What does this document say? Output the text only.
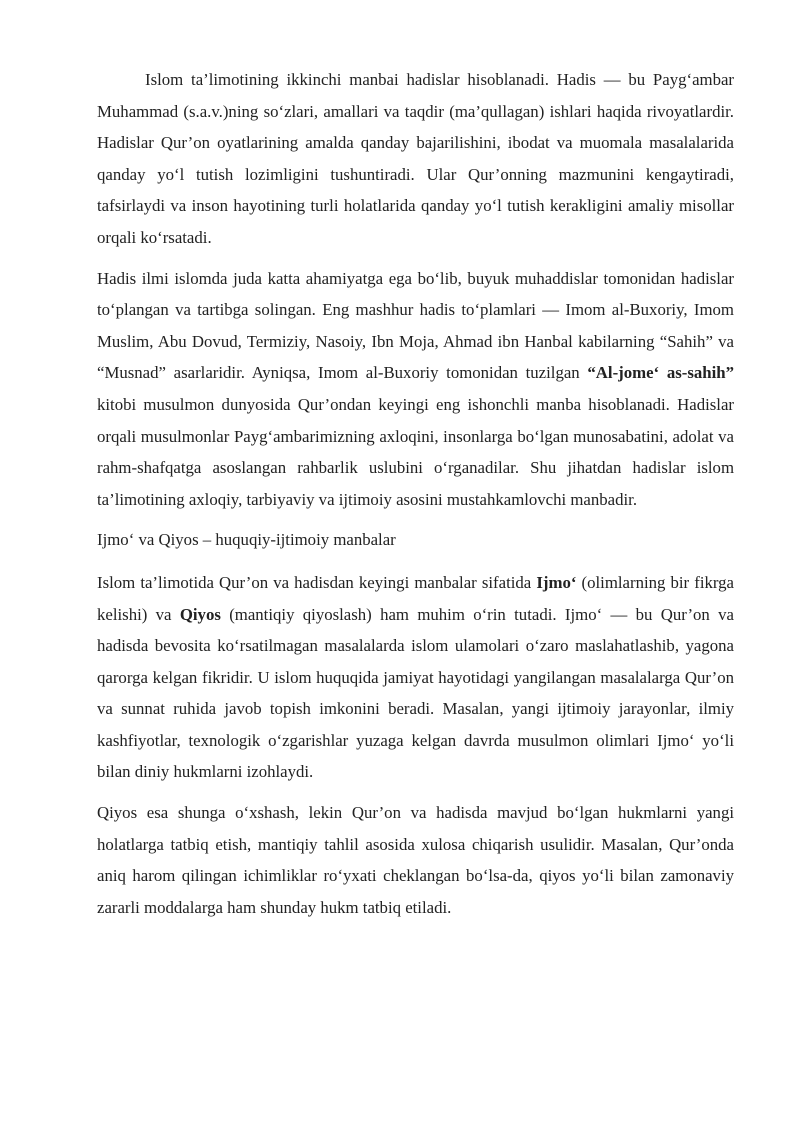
Islom ta’limotining ikkinchi manbai hadislar hisoblanadi. Hadis — bu Payg‘ambar Muhammad (s.a.v.)ning so‘zlari, amallari va taqdir (ma’qullagan) ishlari haqida rivoyatlardir. Hadislar Qur’on oyatlarining amalda qanday bajarilishini, ibodat va muomala masalalarida qanday yo‘l tutish lozimligini tushuntiradi. Ular Qur’onning mazmunini kengaytiradi, tafsirlaydi va inson hayotining turli holatlarida qanday yo‘l tutish kerakligini amaliy misollar orqali ko‘rsatadi.

Hadis ilmi islomda juda katta ahamiyatga ega bo‘lib, buyuk muhaddislar tomonidan hadislar to‘plangan va tartibga solingan. Eng mashhur hadis to‘plamlari — Imom al-Buxoriy, Imom Muslim, Abu Dovud, Termiziy, Nasoiy, Ibn Moja, Ahmad ibn Hanbal kabilarning “Sahih” va “Musnad” asarlaridir. Ayniqsa, Imom al-Buxoriy tomonidan tuzilgan “Al-jome‘ as-sahih” kitobi musulmon dunyosida Qur’ondan keyingi eng ishonchli manba hisoblanadi. Hadislar orqali musulmonlar Payg‘ambarimizning axloqini, insonlarga bo‘lgan munosabatini, adolat va rahm-shafqatga asoslangan rahbarlik uslubini o‘rganadilar. Shu jihatdan hadislar islom ta’limotining axloqiy, tarbiyaviy va ijtimoiy asosini mustahkamlovchi manbadir.

Ijmo‘ va Qiyos – huquqiy-ijtimoiy manbalar

Islom ta’limotida Qur’on va hadisdan keyingi manbalar sifatida Ijmo‘ (olimlarning bir fikrga kelishi) va Qiyos (mantiqiy qiyoslash) ham muhim o‘rin tutadi. Ijmo‘ — bu Qur’on va hadisda bevosita ko‘rsatilmagan masalalarda islom ulamolari o‘zaro maslahatlashib, yagona qarorga kelgan fikridir. U islom huquqida jamiyat hayotidagi yangilangan masalalarga Qur’on va sunnat ruhida javob topish imkonini beradi. Masalan, yangi ijtimoiy jarayonlar, ilmiy kashfiyotlar, texnologik o‘zgarishlar yuzaga kelgan davrda musulmon olimlari Ijmo‘ yo‘li bilan diniy hukmlarni izohlaydi.

Qiyos esa shunga o‘xshash, lekin Qur’on va hadisda mavjud bo‘lgan hukmlarni yangi holatlarga tatbiq etish, mantiqiy tahlil asosida xulosa chiqarish usulidir. Masalan, Qur’onda aniq harom qilingan ichimliklar ro‘yxati cheklangan bo‘lsa-da, qiyos yo‘li bilan zamonaviy zararli moddalarga ham shunday hukm tatbiq etiladi.
